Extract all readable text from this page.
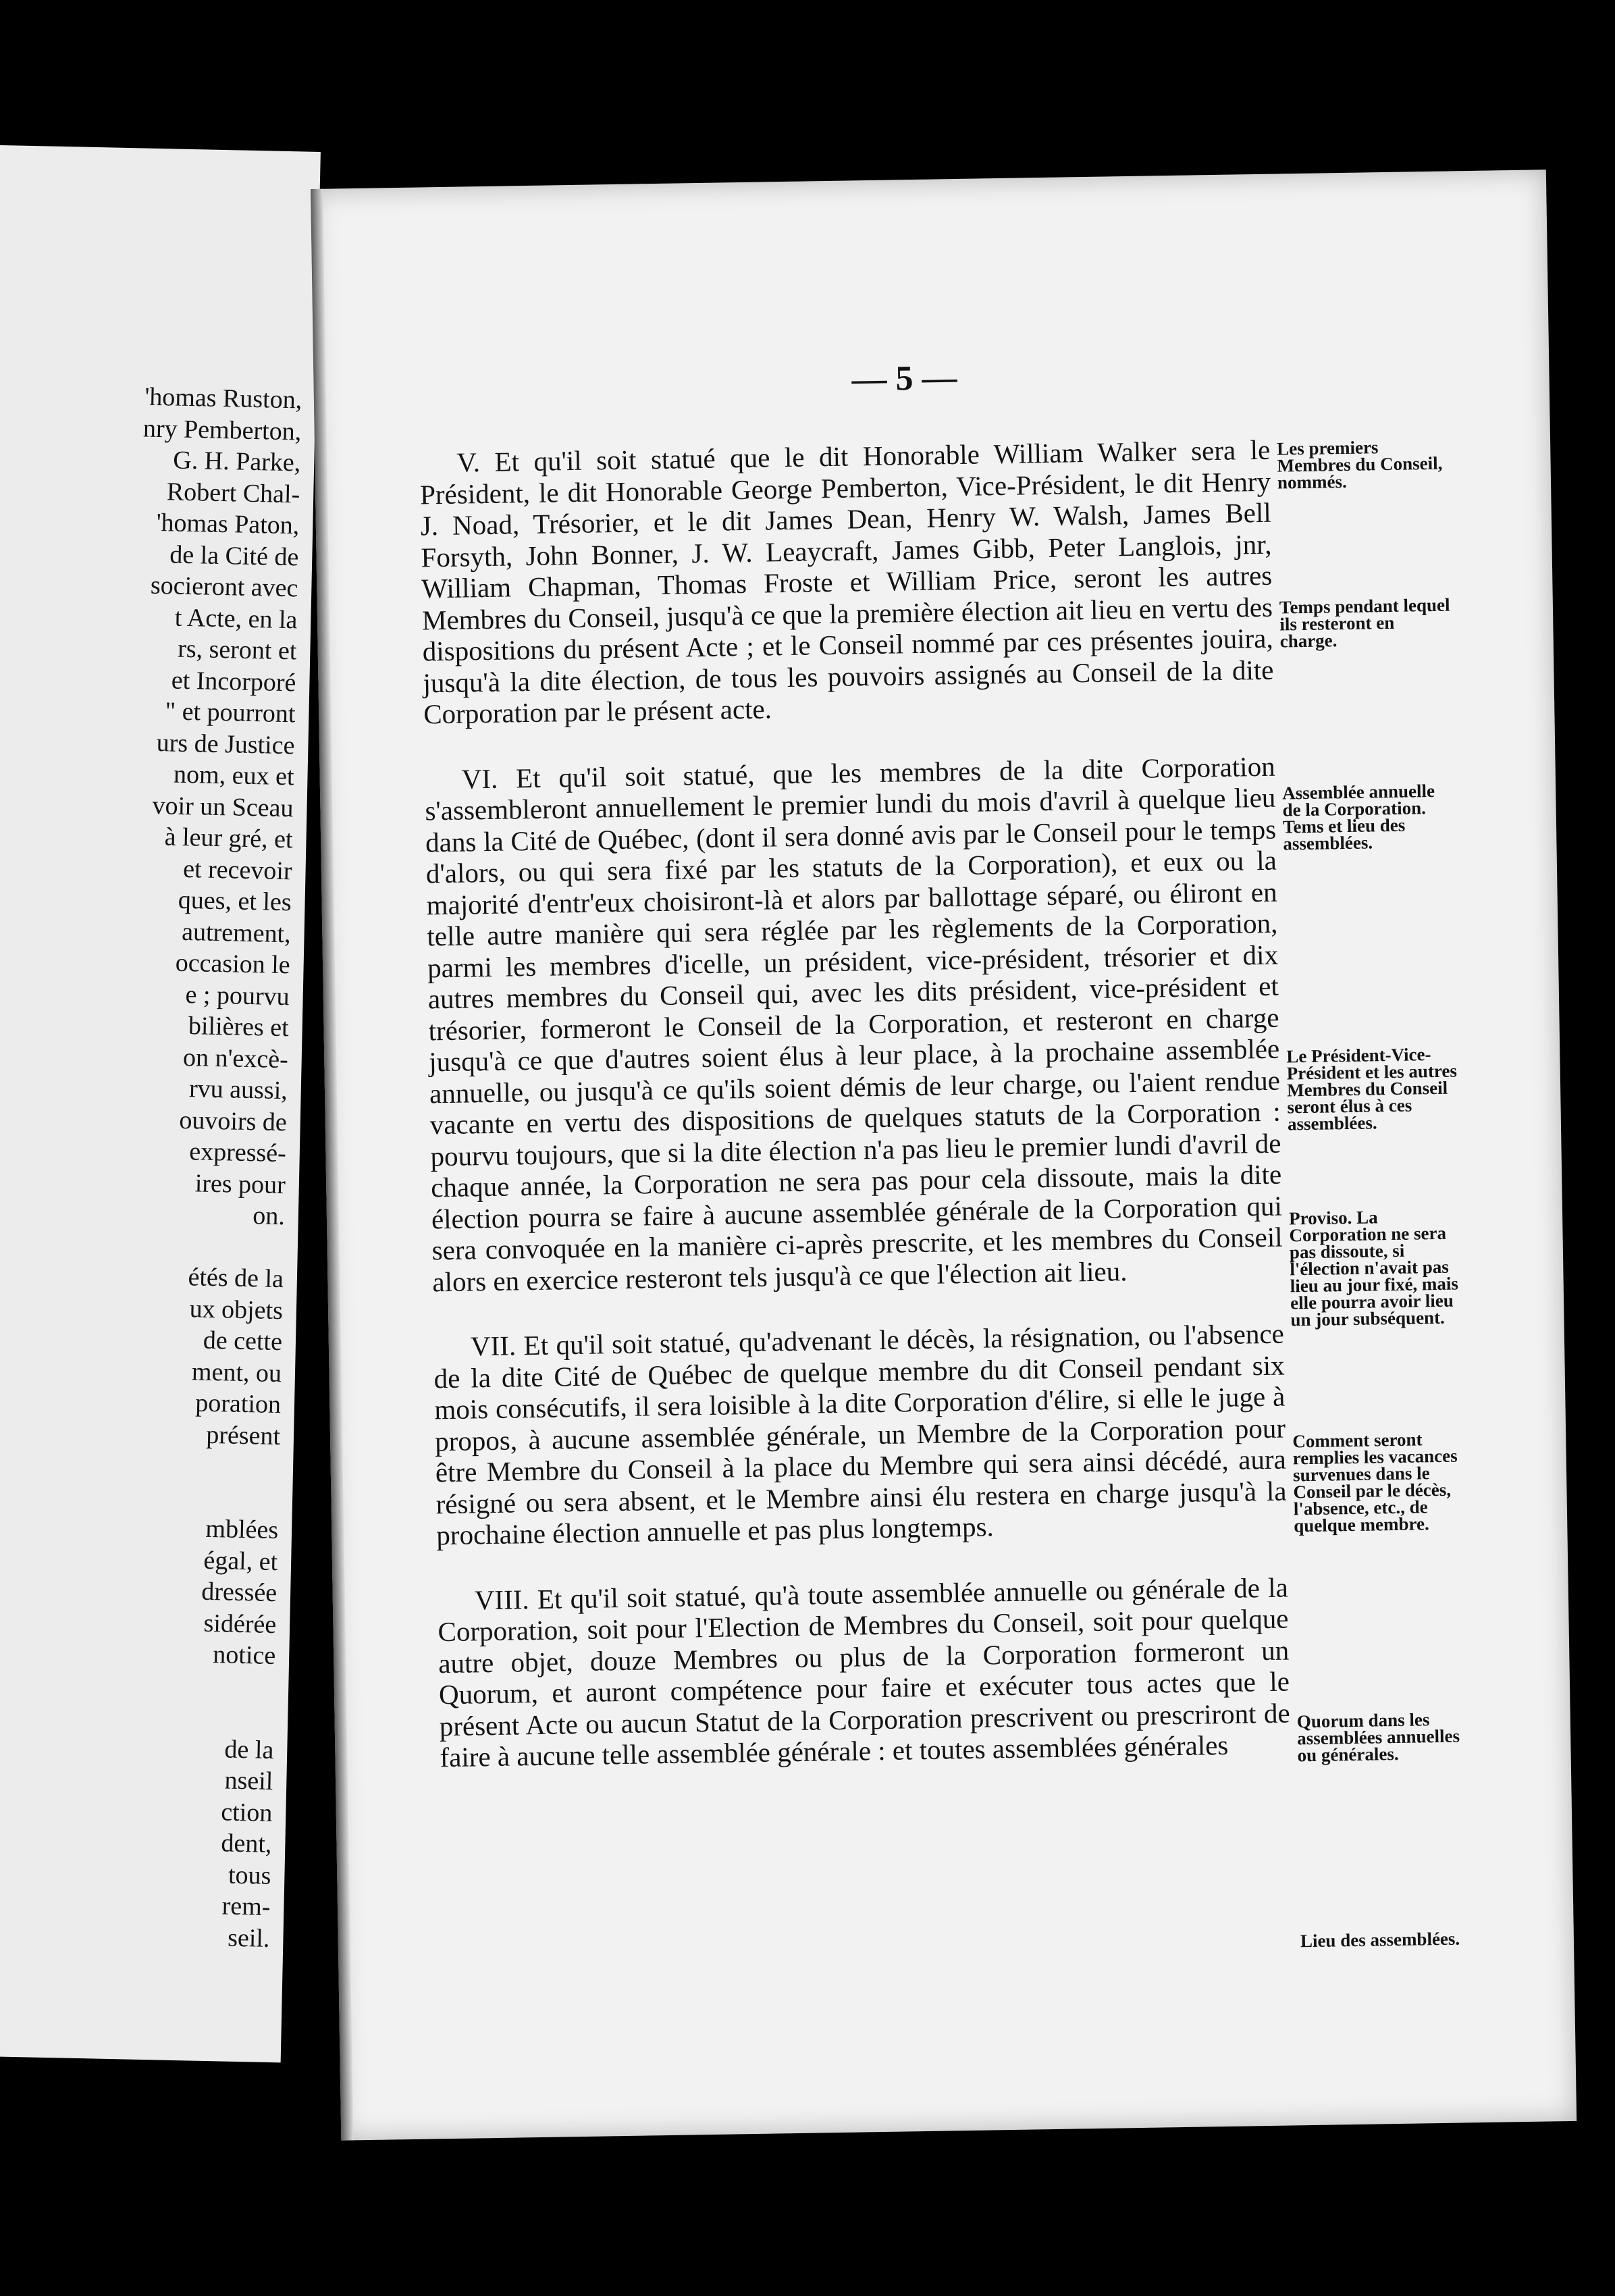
'homas Ruston,
nry Pemberton,
G. H. Parke,
Robert Chal-
'homas Paton,
de la Cité de
socieront avec
t Acte, en la
rs, seront et
et Incorporé
" et pourront
urs de Justice
nom, eux et
voir un Sceau
à leur gré, et
et recevoir
ques, et les
autrement,
occasion le
e ; pourvu
bilières et
on n'excè-
rvu aussi,
ouvoirs de
expressé-
ires pour
on.
étés de la
ux objets
de cette
ment, ou
poration
présent
mblées
égal, et
dressée
sidérée
notice
de la
nseil
ction
dent,
tous
rem-
seil.
— 5 —

V. Et qu'il soit statué que le dit Honorable William Walker sera le Président, le dit Honorable George Pemberton, Vice-Président, le dit Henry J. Noad, Trésorier, et le dit James Dean, Henry W. Walsh, James Bell Forsyth, John Bonner, J. W. Leaycraft, James Gibb, Peter Langlois, jnr, William Chapman, Thomas Froste et William Price, seront les autres Membres du Conseil, jusqu'à ce que la première élection ait lieu en vertu des dispositions du présent Acte ; et le Conseil nommé par ces présentes jouira, jusqu'à la dite élection, de tous les pouvoirs assignés au Conseil de la dite Corporation par le présent acte.

VI. Et qu'il soit statué, que les membres de la dite Corporation s'assembleront annuellement le premier lundi du mois d'avril à quelque lieu dans la Cité de Québec, (dont il sera donné avis par le Conseil pour le temps d'alors, ou qui sera fixé par les statuts de la Corporation), et eux ou la majorité d'entr'eux choisiront-là et alors par ballottage séparé, ou éliront en telle autre manière qui sera réglée par les règlements de la Corporation, parmi les membres d'icelle, un président, vice-président, trésorier et dix autres membres du Conseil qui, avec les dits président, vice-président et trésorier, formeront le Conseil de la Corporation, et resteront en charge jusqu'à ce que d'autres soient élus à leur place, à la prochaine assemblée annuelle, ou jusqu'à ce qu'ils soient démis de leur charge, ou l'aient rendue vacante en vertu des dispositions de quelques statuts de la Corporation : pourvu toujours, que si la dite élection n'a pas lieu le premier lundi d'avril de chaque année, la Corporation ne sera pas pour cela dissoute, mais la dite élection pourra se faire à aucune assemblée générale de la Corporation qui sera convoquée en la manière ci-après prescrite, et les membres du Conseil alors en exercice resteront tels jusqu'à ce que l'élection ait lieu.

VII. Et qu'il soit statué, qu'advenant le décès, la résignation, ou l'absence de la dite Cité de Québec de quelque membre du dit Conseil pendant six mois consécutifs, il sera loisible à la dite Corporation d'élire, si elle le juge à propos, à aucune assemblée générale, un Membre de la Corporation pour être Membre du Conseil à la place du Membre qui sera ainsi décédé, aura résigné ou sera absent, et le Membre ainsi élu restera en charge jusqu'à la prochaine élection annuelle et pas plus longtemps.

VIII. Et qu'il soit statué, qu'à toute assemblée annuelle ou générale de la Corporation, soit pour l'Election de Membres du Conseil, soit pour quelque autre objet, douze Membres ou plus de la Corporation formeront un Quorum, et auront compétence pour faire et exécuter tous actes que le présent Acte ou aucun Statut de la Corporation prescrivent ou prescriront de faire à aucune telle assemblée générale : et toutes assemblées générales

Les premiers Membres du Conseil, nommés.
Temps pendant lequel ils resteront en charge.
Assemblée annuelle de la Corporation. Tems et lieu des assemblées.
Le Président-Vice-Président et les autres Membres du Conseil seront élus à ces assemblées.
Proviso. La Corporation ne sera pas dissoute, si l'élection n'avait pas lieu au jour fixé, mais elle pourra avoir lieu un jour subséquent.
Comment seront remplies les vacances survenues dans le Conseil par le décès, l'absence, etc., de quelque membre.
Quorum dans les assemblées annuelles ou générales.
Lieu des assemblées.
